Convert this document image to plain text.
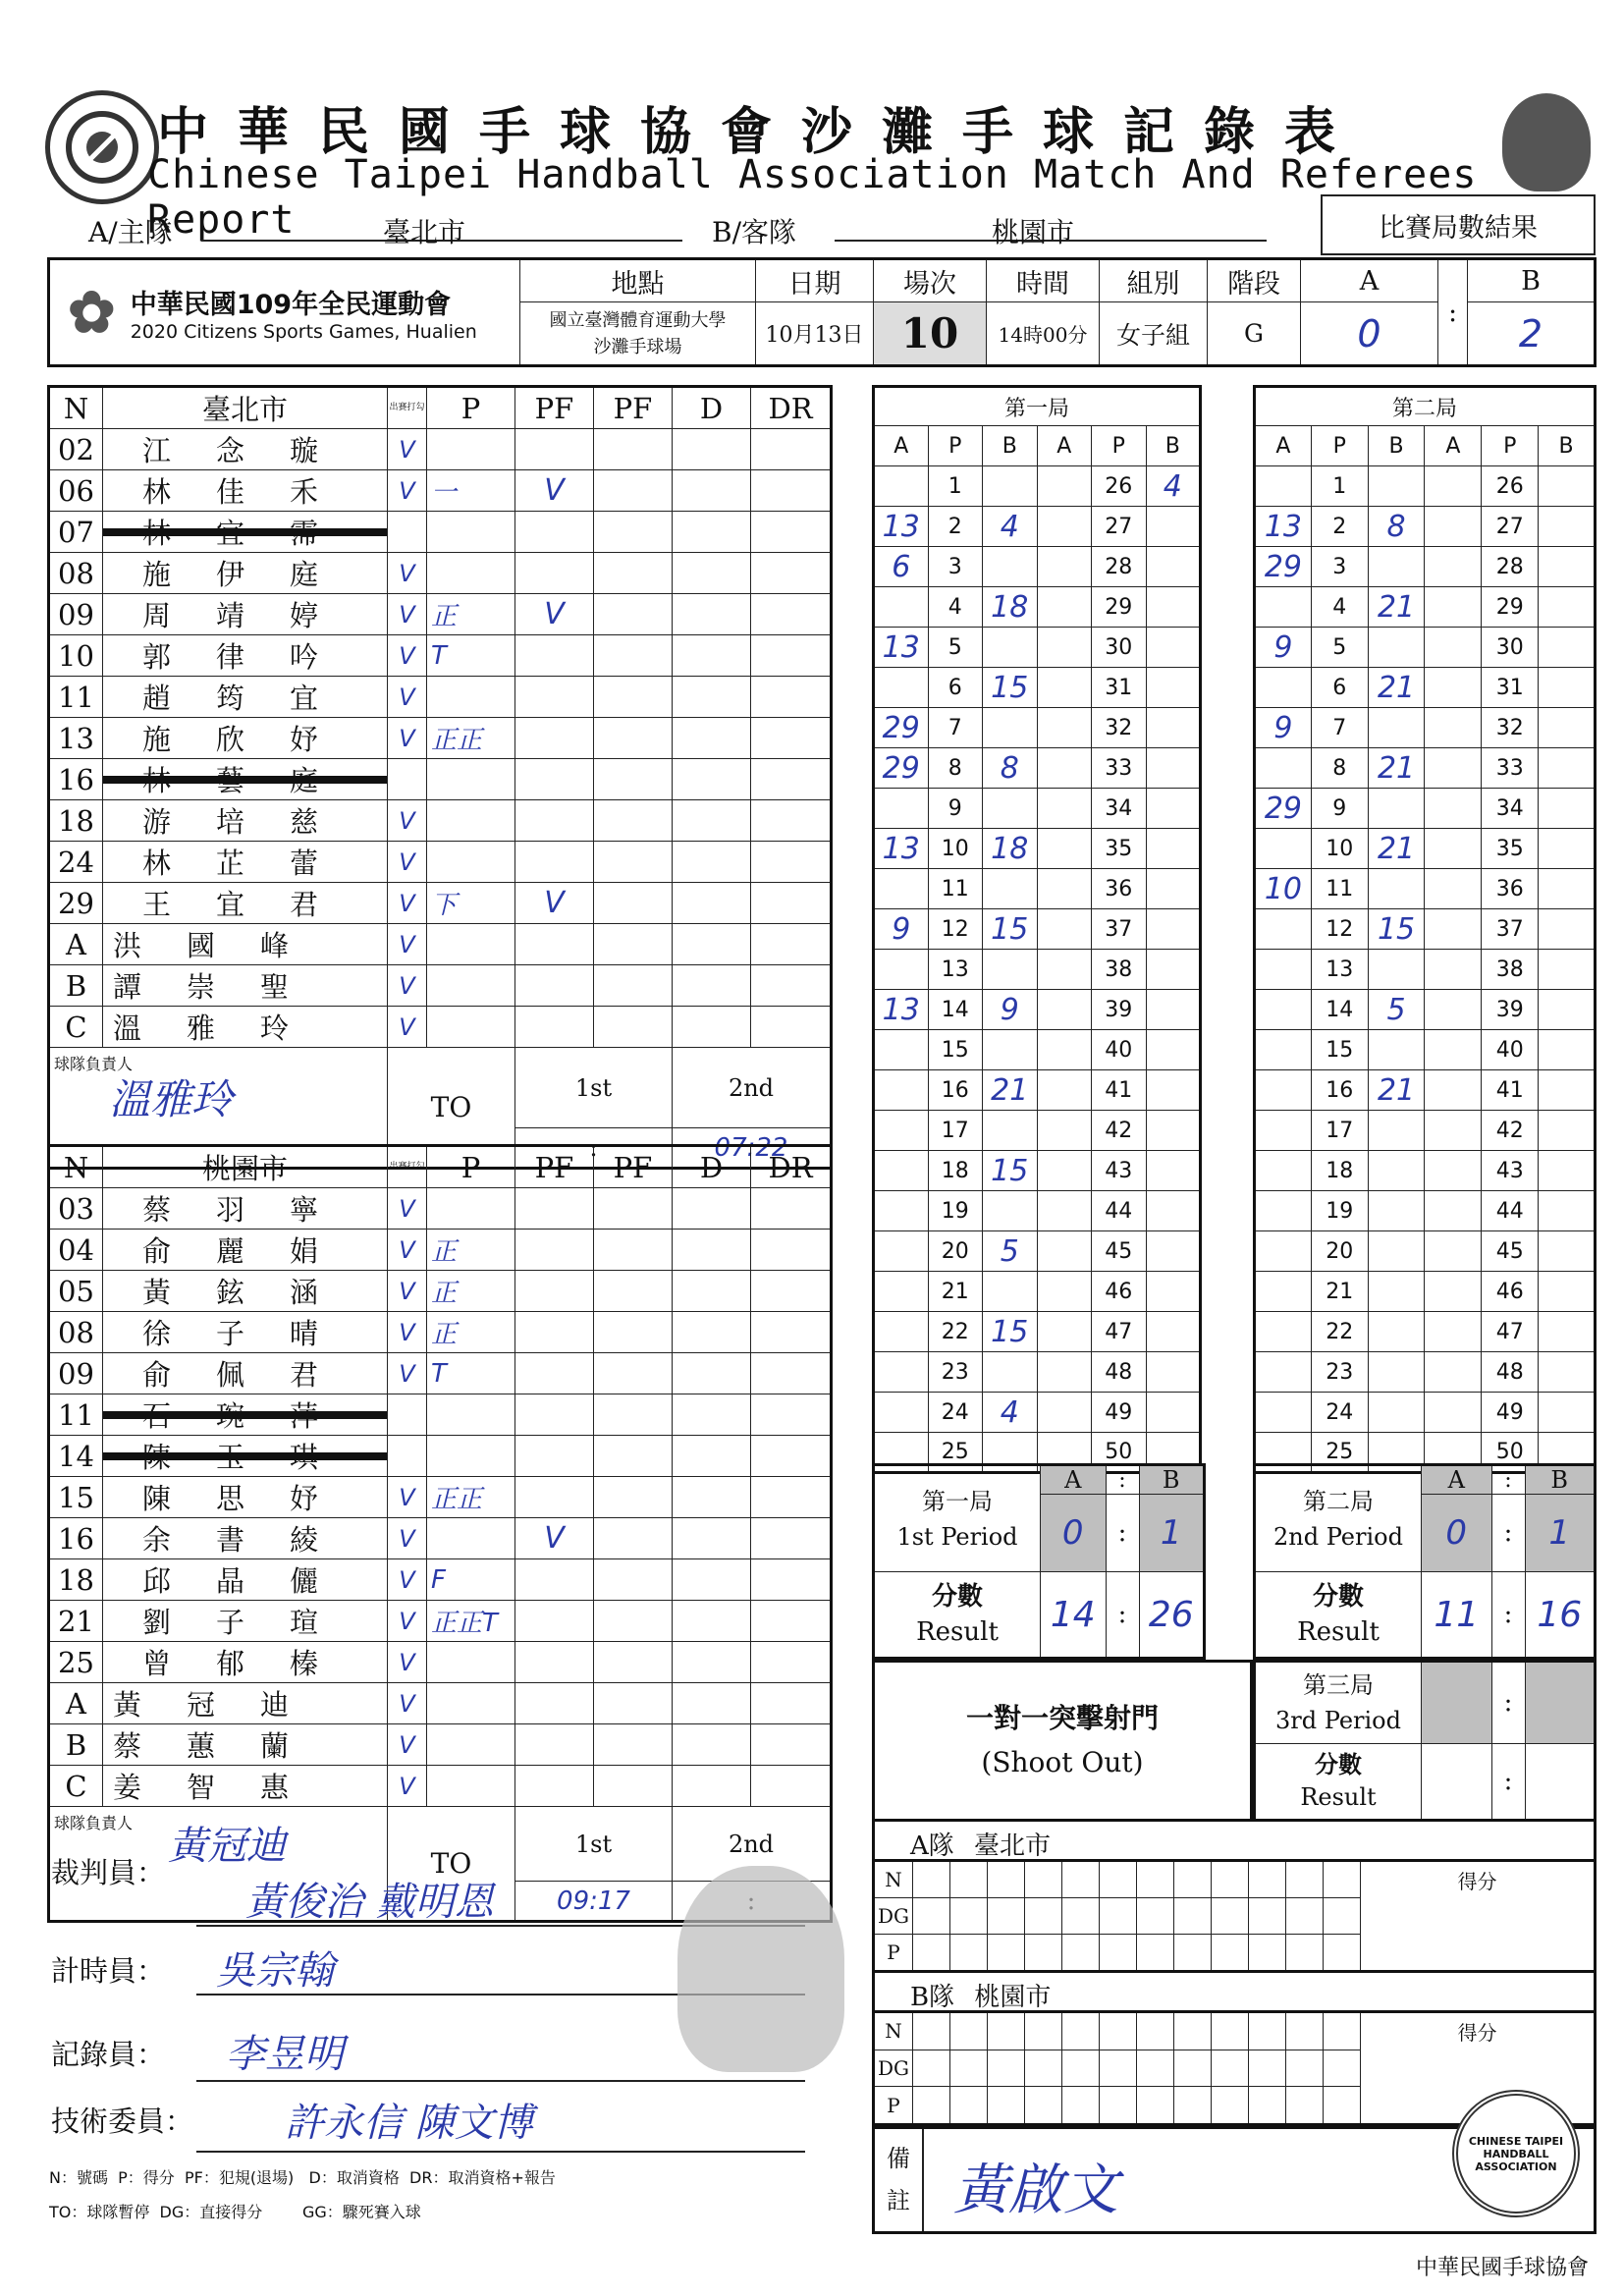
中華民國手球協會沙灘手球記錄表
Chinese Taipei Handball Association Match And Referees Report
A/主隊	臺北市	B/客隊	桃園市	比賽局數結果
✿ 中華民國109年全民運動會
2020 Citizens Sports Games, Hualien	地點	日期	場次	時間	組別	階段	A	:	B

	國立臺灣體育運動大學
沙灘手球場	10月13日	10	14時00分	女子組	G	0		2
N	臺北市	出賽打勾	P	PF	PF	D	DR
02	江念璇	V					
06	林佳禾	V	一	V			
07	

08	施伊庭	V					
09	周靖婷	V	正	V			
10	郭律吟	V	T				
11	趙筠宜	V					
13	施欣妤	V	正正				
16	

18	游培慈	V					
24	林芷蕾	V					
29	王宜君	V	下	V			
A	洪國峰	V					
B	譚崇聖	V					
C	溫雅玲	V					

球隊負責人
溫雅玲		TO		1st		2nd	
				:		07:22	
N	桃園市	出賽打勾	P	PF	PF	D	DR
03	蔡羽寧	V					
04	俞麗娟	V	正				
05	黃鉉涵	V	正				
08	徐子晴	V	正				
09	俞佩君	V	T				
11	

14	

15	陳思妤	V	正正				
16	余書綾	V		V			
18	邱晶儷	V	F				
21	劉子瑄	V	正正T				
25	曾郁榛	V					
A	黃冠迪	V					
B	蔡蕙蘭	V					
C	姜智惠	V					

球隊負責人
黃冠迪		TO		1st		2nd	
				09:17	
第一局					
A	P	B	A	P	B
	1			26	4
13	2	4		27	
6	3			28	
	4	18		29	
13	5			30	
	6	15		31	
29	7			32	
29	8	8		33	
	9			34	
13	10	18		35	
	11			36	
9	12	15		37	
	13			38	
13	14	9		39	
	15			40	
	16	21		41	
	17			42	
	18	15		43	
	19			44	
	20	5		45	
	21			46	
	22	15		47	
	23			48	
	24	4		49	
	25			50	
第二局					
A	P	B	A	P	B
	1			26	
13	2	8		27	
29	3			28	
	4	21		29	
9	5			30	
	6	21		31	
9	7			32	
	8	21		33	
29	9			34	
	10	21		35	
10	11			36	
	12	15		37	
	13			38	
	14	5		39	
	15			40	
	16	21		41	
	17			42	
	18			43	
	19			44	
	20			45	
	21			46	
	22			47	
	23			48	
	24			49	
	25			50	
第一局
1st Period	A	:	B
	0	:	1

分數
Result	14	:	26
第二局
2nd Period	A	:	B
	0	:	1

分數
Result	11	:	16
一對一突擊射門
(Shoot Out)
第三局
3rd Period		:	

分數
Result		:	
A隊 臺北市
N													得分
DG													
P													
B隊 桃園市
N													得分
DG													
P													
備
註 黃啟文
CHINESE TAIPEI HANDBALL ASSOCIATION
裁判員：
黃俊治 戴明恩
計時員： 吳宗翰
記錄員： 李昱明
技術委員： 許永信 陳文博
N：號碼  P：得分  PF：犯規(退場)   D：取消資格  DR：取消資格+報告
TO：球隊暫停  DG：直接得分        GG：驟死賽入球
中華民國手球協會
